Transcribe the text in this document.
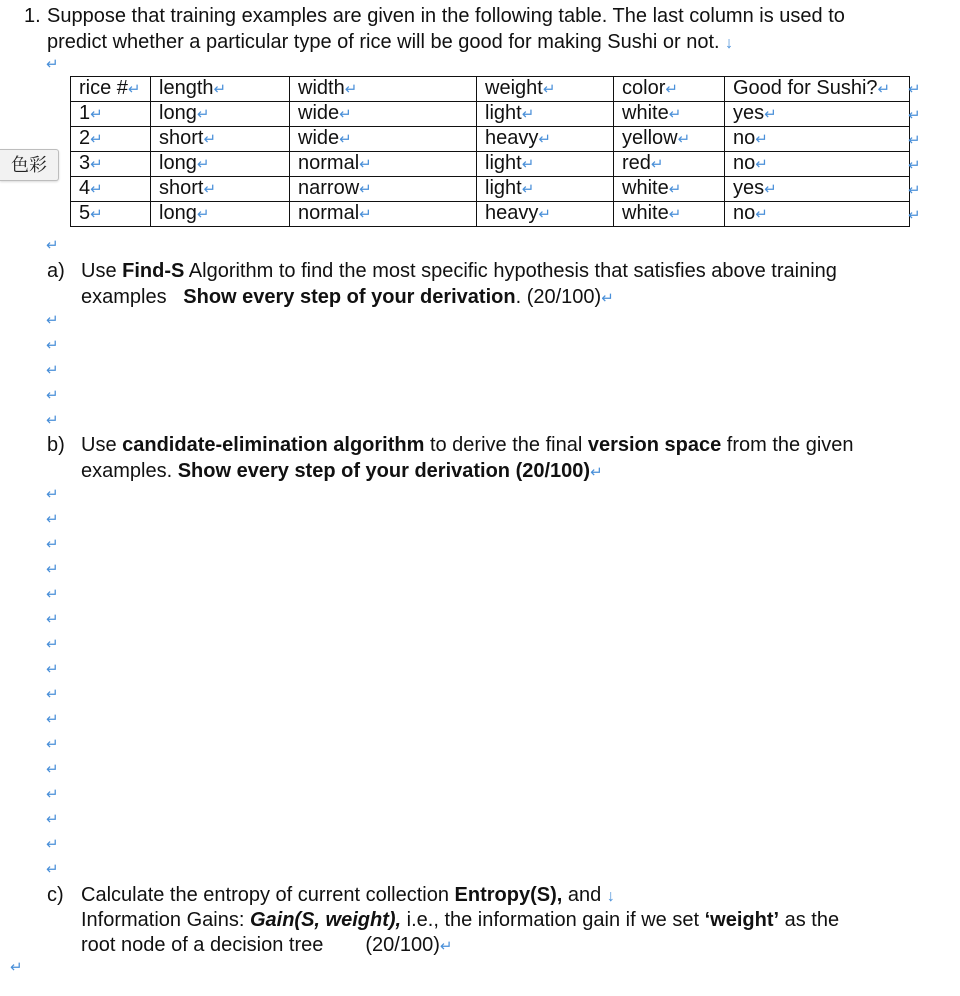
1. Suppose that training examples are given in the following table. The last column is used to
predict whether a particular type of rice will be good for making Sushi or not. ↓
↵
rice #↵	length↵	width↵	weight↵	color↵	Good for Sushi?↵
1↵	long↵	wide↵	light↵	white↵	yes↵
2↵	short↵	wide↵	heavy↵	yellow↵	no↵
3↵	long↵	normal↵	light↵	red↵	no↵
4↵	short↵	narrow↵	light↵	white↵	yes↵
5↵	long↵	normal↵	heavy↵	white↵	no↵
↵
↵
↵
↵
↵
↵
色彩
↵
a) Use Find-S Algorithm to find the most specific hypothesis that satisfies above training
examples   Show every step of your derivation. (20/100)↵
↵
↵
↵
↵
↵
b) Use candidate-elimination algorithm to derive the final version space from the given
examples. Show every step of your derivation (20/100)↵
↵
↵
↵
↵
↵
↵
↵
↵
↵
↵
↵
↵
↵
↵
↵
↵
c) Calculate the entropy of current collection Entropy(S), and ↓
Information Gains: Gain(S, weight), i.e., the information gain if we set ‘weight’ as the
root node of a decision tree (20/100)↵
↵
